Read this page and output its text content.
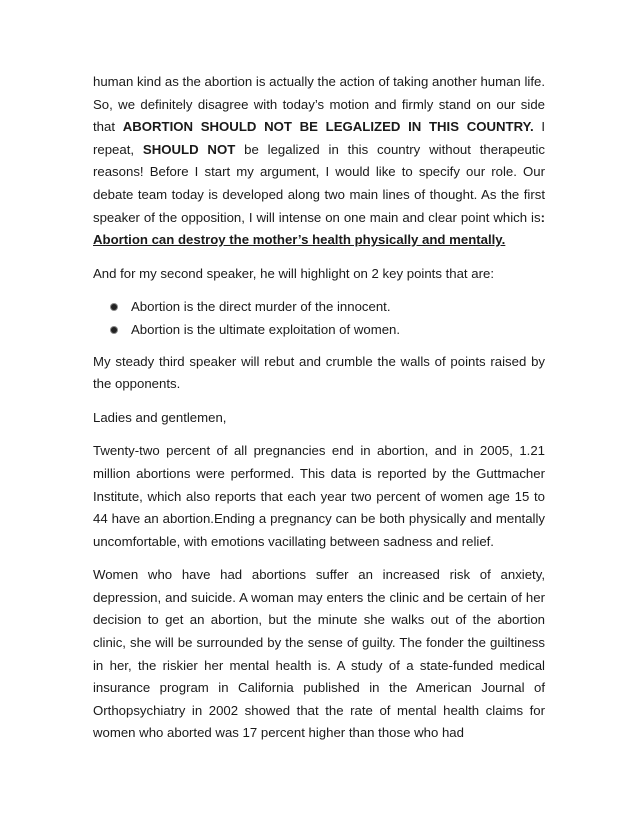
human kind as the abortion is actually the action of taking another human life. So, we definitely disagree with today’s motion and firmly stand on our side that ABORTION SHOULD NOT BE LEGALIZED IN THIS COUNTRY. I repeat, SHOULD NOT be legalized in this country without therapeutic reasons! Before I start my argument, I would like to specify our role. Our debate team today is developed along two main lines of thought. As the first speaker of the opposition, I will intense on one main and clear point which is: Abortion can destroy the mother’s health physically and mentally.

And for my second speaker, he will highlight on 2 key points that are:

Abortion is the direct murder of the innocent.
Abortion is the ultimate exploitation of women.

My steady third speaker will rebut and crumble the walls of points raised by the opponents.

Ladies and gentlemen,

Twenty-two percent of all pregnancies end in abortion, and in 2005, 1.21 million abortions were performed. This data is reported by the Guttmacher Institute, which also reports that each year two percent of women age 15 to 44 have an abortion.Ending a pregnancy can be both physically and mentally uncomfortable, with emotions vacillating between sadness and relief.

Women who have had abortions suffer an increased risk of anxiety, depression, and suicide. A woman may enters the clinic and be certain of her decision to get an abortion, but the minute she walks out of the abortion clinic, she will be surrounded by the sense of guilty. The fonder the guiltiness in her, the riskier her mental health is. A study of a state-funded medical insurance program in California published in the American Journal of Orthopsychiatry in 2002 showed that the rate of mental health claims for women who aborted was 17 percent higher than those who had
